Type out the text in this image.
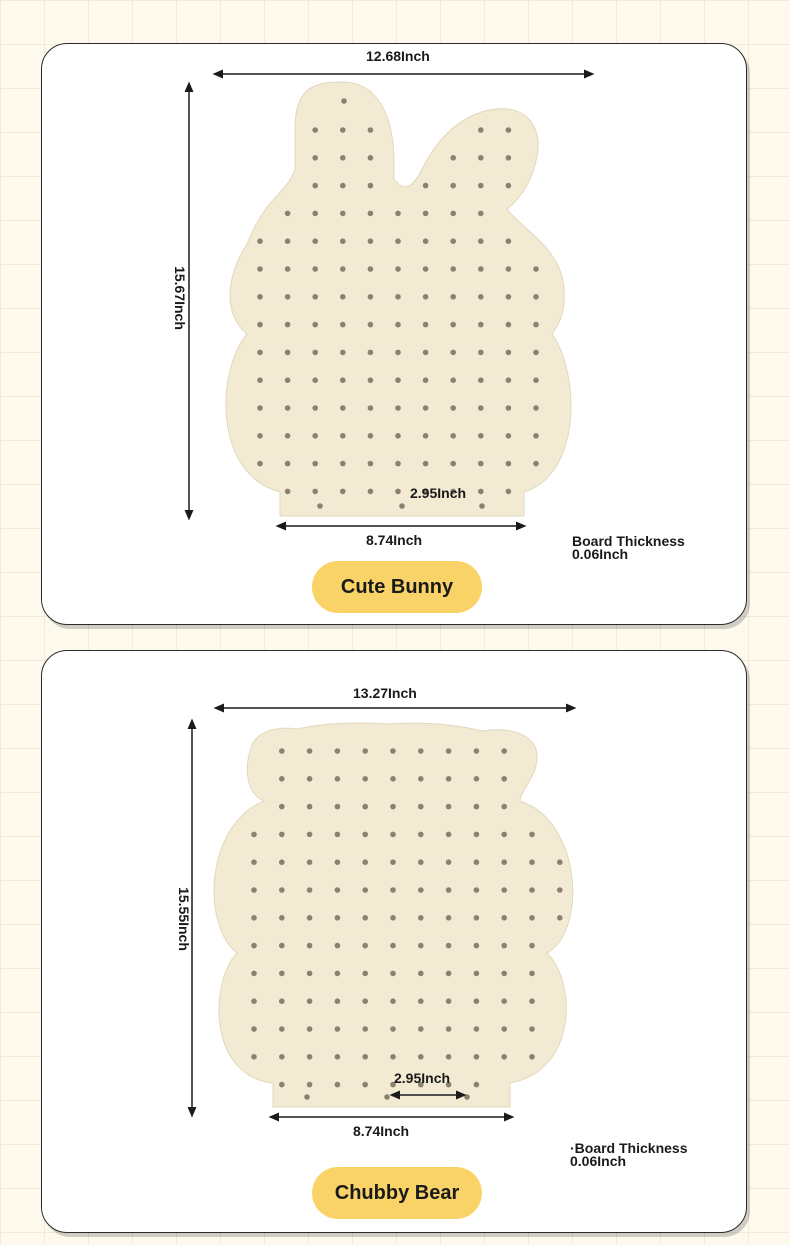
12.68Inch
15.67Inch
2.95Inch
8.74Inch	Board Thickness
0.06Inch
Cute Bunny
13.27Inch
15.55Inch
2.95Inch
8.74Inch
·Board Thickness
0.06Inch
Chubby Bear
